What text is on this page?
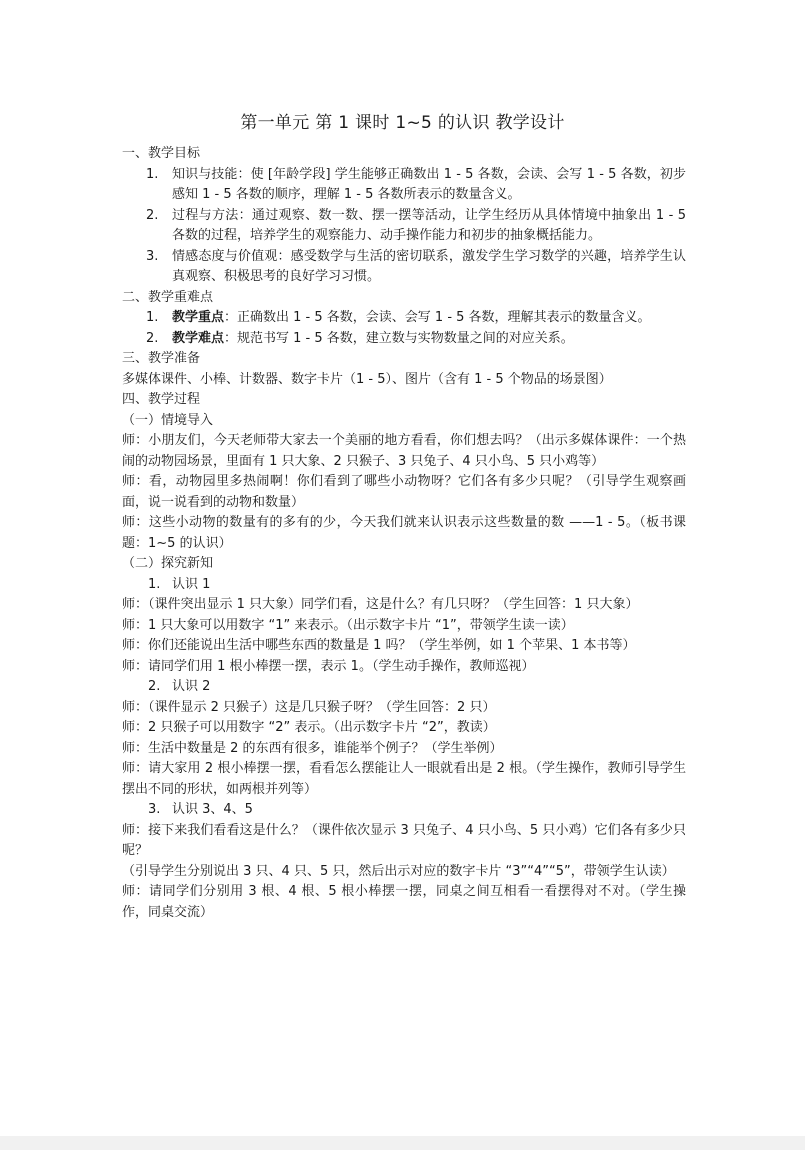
第一单元 第 1 课时 1~5 的认识 教学设计

一、教学目标

1. 知识与技能：使 [年龄学段] 学生能够正确数出 1 - 5 各数，会读、会写 1 - 5 各数，初步感知 1 - 5 各数的顺序，理解 1 - 5 各数所表示的数量含义。

2. 过程与方法：通过观察、数一数、摆一摆等活动，让学生经历从具体情境中抽象出 1 - 5 各数的过程，培养学生的观察能力、动手操作能力和初步的抽象概括能力。

3. 情感态度与价值观：感受数学与生活的密切联系，激发学生学习数学的兴趣，培养学生认真观察、积极思考的良好学习习惯。

二、教学重难点

1. 教学重点：正确数出 1 - 5 各数，会读、会写 1 - 5 各数，理解其表示的数量含义。

2. 教学难点：规范书写 1 - 5 各数，建立数与实物数量之间的对应关系。

三、教学准备

多媒体课件、小棒、计数器、数字卡片（1 - 5）、图片（含有 1 - 5 个物品的场景图）

四、教学过程

（一）情境导入

师：小朋友们，今天老师带大家去一个美丽的地方看看，你们想去吗？（出示多媒体课件：一个热闹的动物园场景，里面有 1 只大象、2 只猴子、3 只兔子、4 只小鸟、5 只小鸡等）

师：看，动物园里多热闹啊！你们看到了哪些小动物呀？它们各有多少只呢？（引导学生观察画面，说一说看到的动物和数量）

师：这些小动物的数量有的多有的少，今天我们就来认识表示这些数量的数 ——1 - 5。（板书课题：1~5 的认识）

（二）探究新知

1. 认识 1

师：（课件突出显示 1 只大象）同学们看，这是什么？有几只呀？（学生回答：1 只大象）

师：1 只大象可以用数字 “1” 来表示。（出示数字卡片 “1”，带领学生读一读）

师：你们还能说出生活中哪些东西的数量是 1 吗？（学生举例，如 1 个苹果、1 本书等）

师：请同学们用 1 根小棒摆一摆，表示 1。（学生动手操作，教师巡视）

2. 认识 2

师：（课件显示 2 只猴子）这是几只猴子呀？（学生回答：2 只）

师：2 只猴子可以用数字 “2” 表示。（出示数字卡片 “2”，教读）

师：生活中数量是 2 的东西有很多，谁能举个例子？（学生举例）

师：请大家用 2 根小棒摆一摆，看看怎么摆能让人一眼就看出是 2 根。（学生操作，教师引导学生摆出不同的形状，如两根并列等）

3. 认识 3、4、5

师：接下来我们看看这是什么？（课件依次显示 3 只兔子、4 只小鸟、5 只小鸡）它们各有多少只呢？

（引导学生分别说出 3 只、4 只、5 只，然后出示对应的数字卡片 “3”“4”“5”，带领学生认读）

师：请同学们分别用 3 根、4 根、5 根小棒摆一摆，同桌之间互相看一看摆得对不对。（学生操作，同桌交流）
